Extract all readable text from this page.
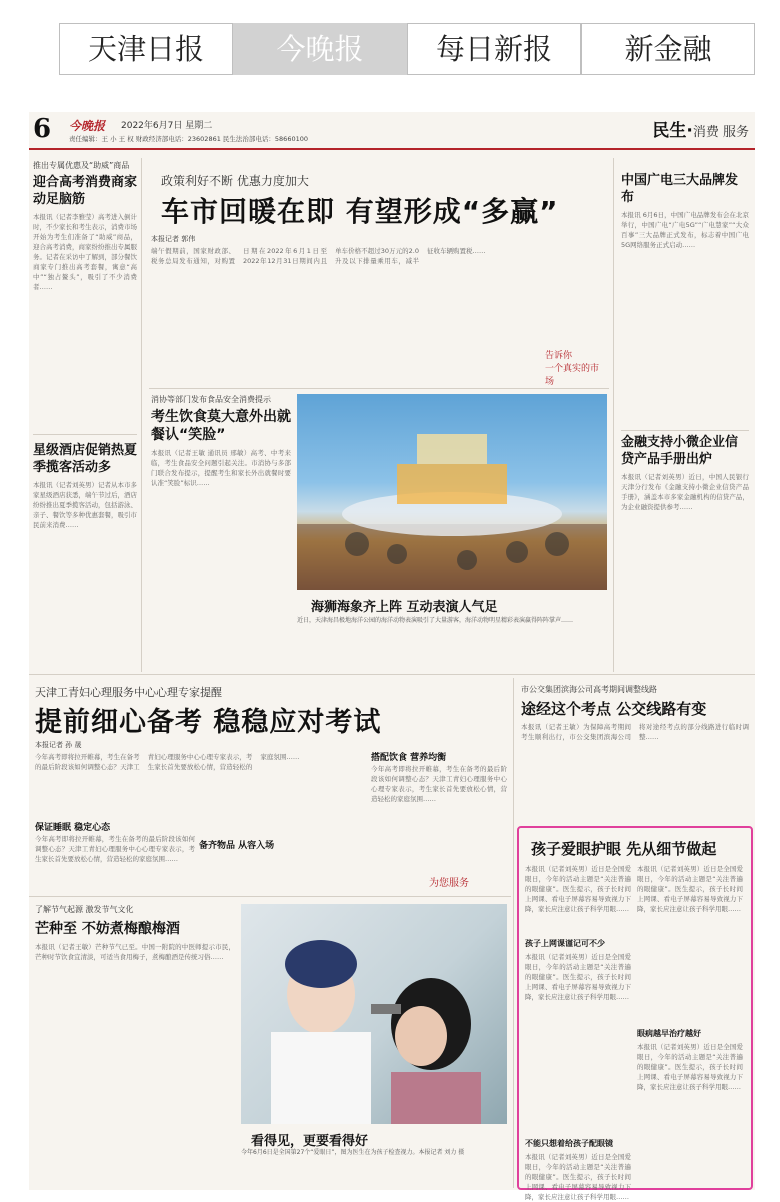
天津日报	今晚报	每日新报	新金融
6 今晚报 2022年6月7日 星期二
责任编辑：王 小 王 权 财政经济部电话：23602861 民生法治部电话：58660100	民生·消费 服务
推出专属优惠及“助威”商品
迎合高考消费商家动足脑筋
本报讯（记者李雅莹）高考进入倒计时，不少家长和考生表示，消费市场开始为考生们准备了“助威”商品，迎合高考消费，商家纷纷推出专属服务。记者在采访中了解到，部分餐饮商家专门推出高考套餐，寓意“高中”“独占鳌头”，吸引了不少消费者……
星级酒店促销热夏季揽客活动多
本报讯（记者刘英男）记者从本市多家星级酒店获悉，端午节过后，酒店纷纷推出夏季揽客活动，包括游泳、亲子、餐饮等多种优惠套餐，吸引市民前来消费……
政策利好不断 优惠力度加大
车市回暖在即 有望形成“多赢”
本报记者 郭伟
端午假期前，国家财政部、税务总局发布通知，对购置日期在2022年6月1日至2022年12月31日期间内且单车价格不超过30万元的2.0升及以下排量乘用车，减半征收车辆购置税……
告诉你
一个真实的市场
消协等部门发布食品安全消费提示
考生饮食莫大意外出就餐认“笑脸”
本报讯（记者王敏 通讯员 邢敏）高考、中考来临，考生食品安全问题引起关注。市消协与多部门联合发布提示，提醒考生和家长外出就餐时要认准“笑脸”标识……
海狮海象齐上阵 互动表演人气足
近日，天津海昌极地海洋公园的海洋动物表演吸引了大量游客，海洋动物明星精彩表演赢得阵阵掌声……
中国广电三大品牌发布
本报讯 6月6日，中国广电品牌发布会在北京举行，中国广电“广电5G”“广电慧家”“大众百事”三大品牌正式发布，标志着中国广电5G网络服务正式启动……
金融支持小微企业信贷产品手册出炉
本报讯（记者刘英男）近日，中国人民银行天津分行发布《金融支持小微企业信贷产品手册》，涵盖本市多家金融机构的信贷产品，为企业融资提供参考……
天津工青妇心理服务中心心理专家提醒
提前细心备考 稳稳应对考试
本报记者 孙 晟
保证睡眠 稳定心态
搭配饮食 营养均衡
备齐物品 从容入场
今年高考即将拉开帷幕，考生在备考的最后阶段该如何调整心态？天津工青妇心理服务中心心理专家表示，考生家长首先要放松心情，营造轻松的家庭氛围……
今年高考即将拉开帷幕，考生在备考的最后阶段该如何调整心态？天津工青妇心理服务中心心理专家表示，考生家长首先要放松心情，营造轻松的家庭氛围……
今年高考即将拉开帷幕，考生在备考的最后阶段该如何调整心态？天津工青妇心理服务中心心理专家表示，考生家长首先要放松心情，营造轻松的家庭氛围……
为您服务
市公交集团滨海公司高考期间调整线路
途经这个考点 公交线路有变
本报讯（记者王敏）为保障高考期间考生顺利出行，市公交集团滨海公司将对途经考点的部分线路进行临时调整……
了解节气起源 激发节气文化
芒种至 不妨煮梅酿梅酒
本报讯（记者王敏）芒种节气已至。中国一附院的中医师提示市民，芒种时节饮食宜清淡，可适当食用梅子，煮梅酿酒是传统习俗……
看得见，更要看得好
今年6月6日是全国第27个“爱眼日”，图为医生在为孩子检查视力。本报记者 刘力 摄
孩子爱眼护眼 先从细节做起
本报讯（记者刘英男）近日是全国爱眼日，今年的活动主题是“关注普遍的眼健康”。医生提示，孩子长时间上网课、看电子屏幕容易导致视力下降，家长应注意让孩子科学用眼……
孩子上网课谨记可不少
本报讯（记者刘英男）近日是全国爱眼日，今年的活动主题是“关注普遍的眼健康”。医生提示，孩子长时间上网课、看电子屏幕容易导致视力下降，家长应注意让孩子科学用眼……
不能只想着给孩子配眼镜
本报讯（记者刘英男）近日是全国爱眼日，今年的活动主题是“关注普遍的眼健康”。医生提示，孩子长时间上网课、看电子屏幕容易导致视力下降，家长应注意让孩子科学用眼……
本报讯（记者刘英男）近日是全国爱眼日，今年的活动主题是“关注普遍的眼健康”。医生提示，孩子长时间上网课、看电子屏幕容易导致视力下降，家长应注意让孩子科学用眼……
眼病越早治疗越好
本报讯（记者刘英男）近日是全国爱眼日，今年的活动主题是“关注普遍的眼健康”。医生提示，孩子长时间上网课、看电子屏幕容易导致视力下降，家长应注意让孩子科学用眼……
